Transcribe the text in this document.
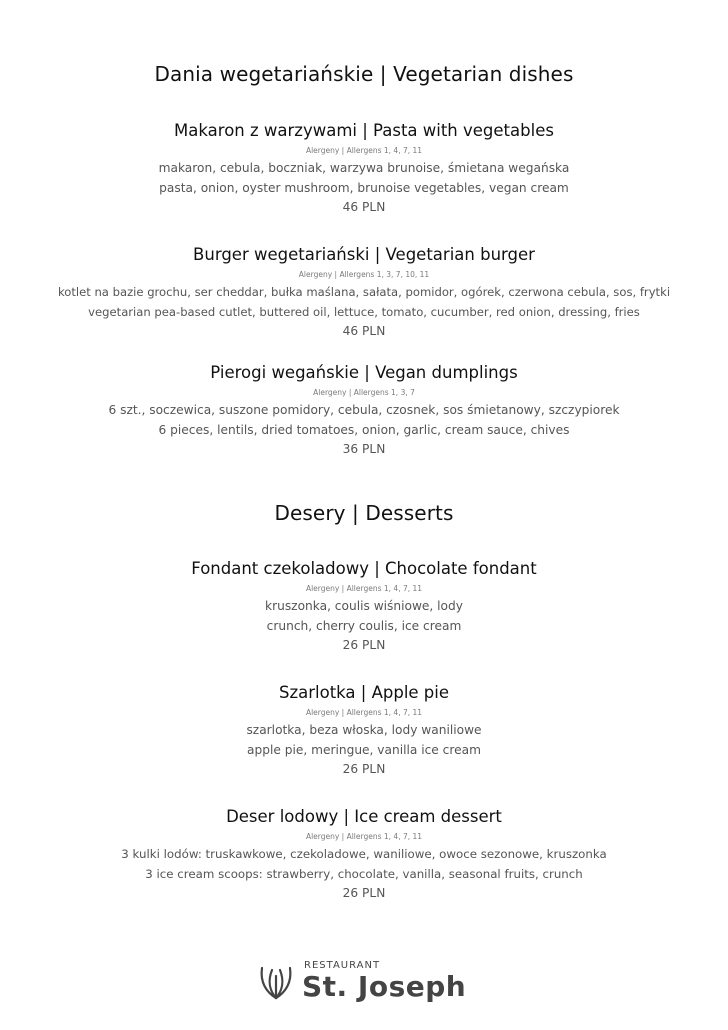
Dania wegetariańskie | Vegetarian dishes

Makaron z warzywami | Pasta with vegetables

Alergeny | Allergens 1, 4, 7, 11

makaron, cebula, boczniak, warzywa brunoise, śmietana wegańska

pasta, onion, oyster mushroom, brunoise vegetables, vegan cream

46 PLN

Burger wegetariański | Vegetarian burger

Alergeny | Allergens 1, 3, 7, 10, 11

kotlet na bazie grochu, ser cheddar, bułka maślana, sałata, pomidor, ogórek, czerwona cebula, sos, frytki

vegetarian pea-based cutlet, buttered oil, lettuce, tomato, cucumber, red onion, dressing, fries

46 PLN

Pierogi wegańskie | Vegan dumplings

Alergeny | Allergens 1, 3, 7

6 szt., soczewica, suszone pomidory, cebula, czosnek, sos śmietanowy, szczypiorek

6 pieces, lentils, dried tomatoes, onion, garlic, cream sauce, chives

36 PLN

Desery | Desserts

Fondant czekoladowy | Chocolate fondant

Alergeny | Allergens 1, 4, 7, 11

kruszonka, coulis wiśniowe, lody

crunch, cherry coulis, ice cream

26 PLN

Szarlotka | Apple pie

Alergeny | Allergens 1, 4, 7, 11

szarlotka, beza włoska, lody waniliowe

apple pie, meringue, vanilla ice cream

26 PLN

Deser lodowy | Ice cream dessert

Alergeny | Allergens 1, 4, 7, 11

3 kulki lodów: truskawkowe, czekoladowe, waniliowe, owoce sezonowe, kruszonka

3 ice cream scoops: strawberry, chocolate, vanilla, seasonal fruits, crunch

26 PLN

RESTAURANT
St. Joseph
